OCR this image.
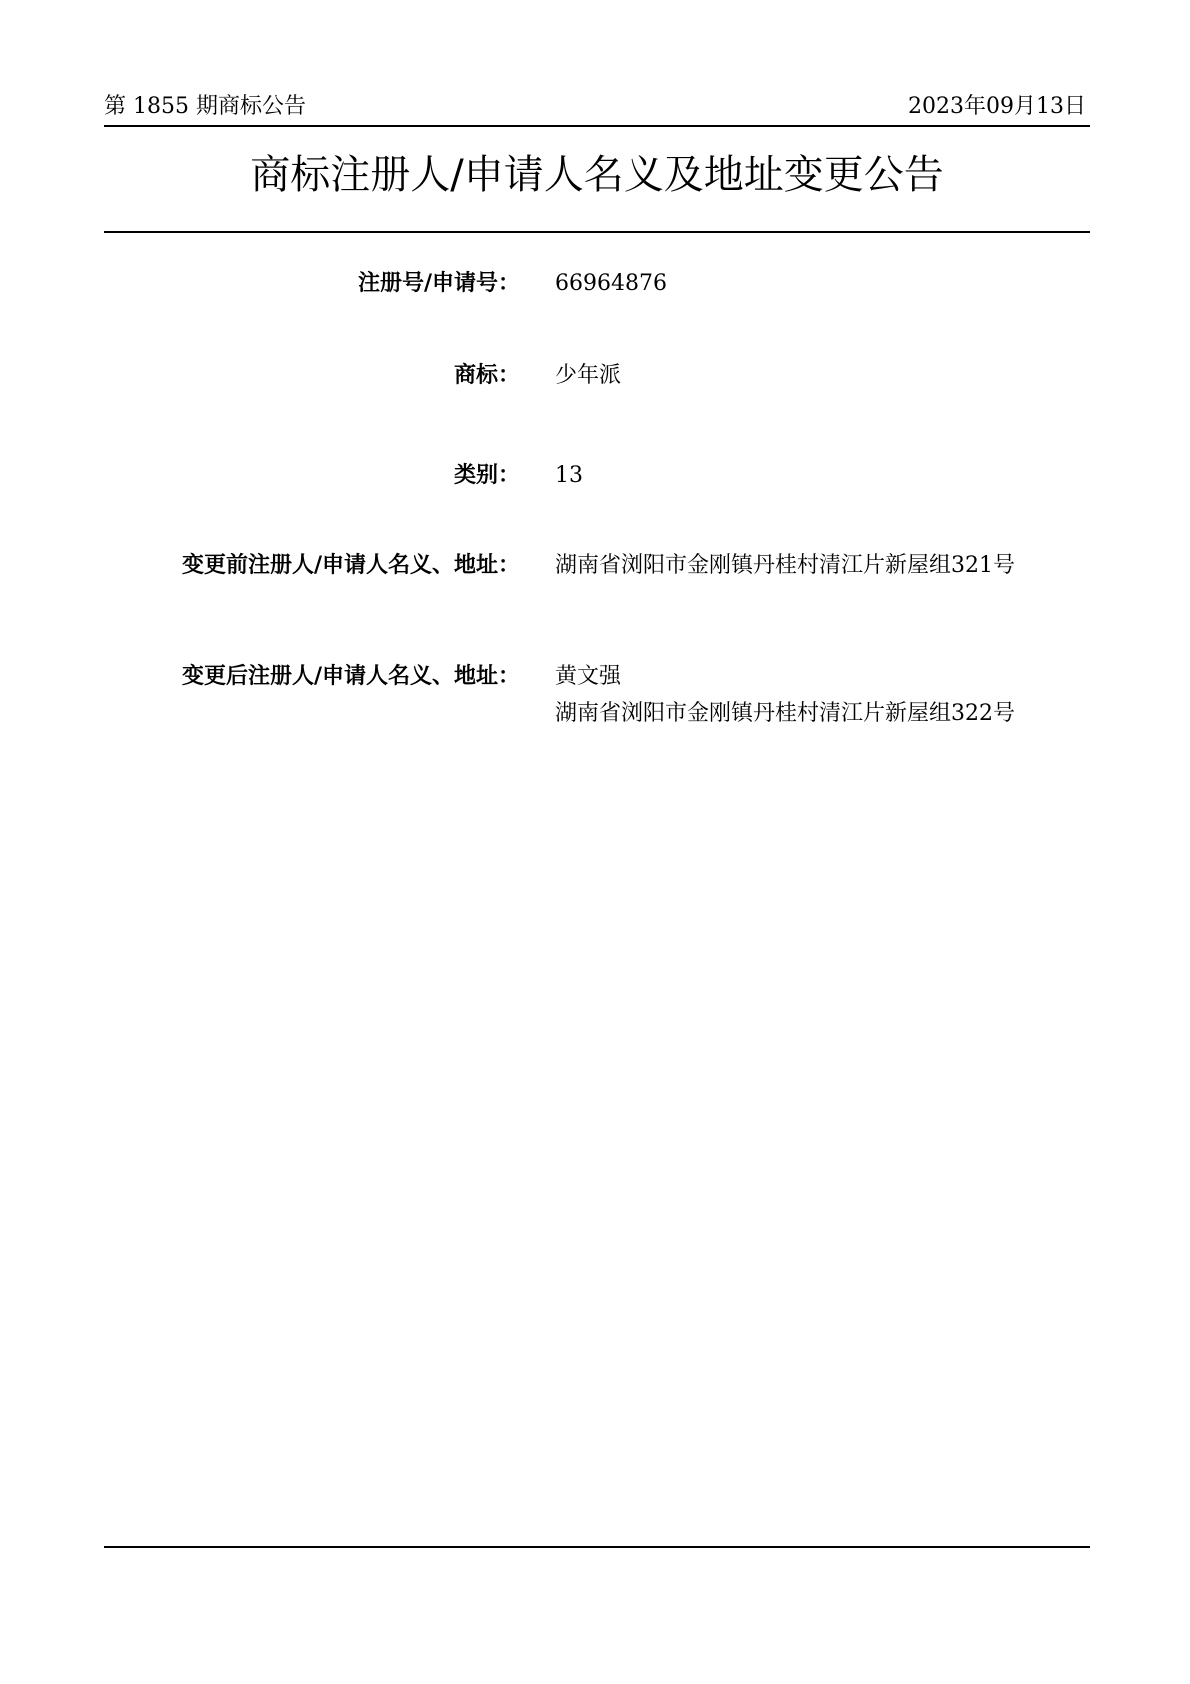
第 1855 期商标公告	2023年09月13日
商标注册人/申请人名义及地址变更公告
注册号/申请号： 66964876
商标： 少年派
类别： 13
变更前注册人/申请人名义、地址： 湖南省浏阳市金刚镇丹桂村清江片新屋组321号
变更后注册人/申请人名义、地址： 黄文强
湖南省浏阳市金刚镇丹桂村清江片新屋组322号
